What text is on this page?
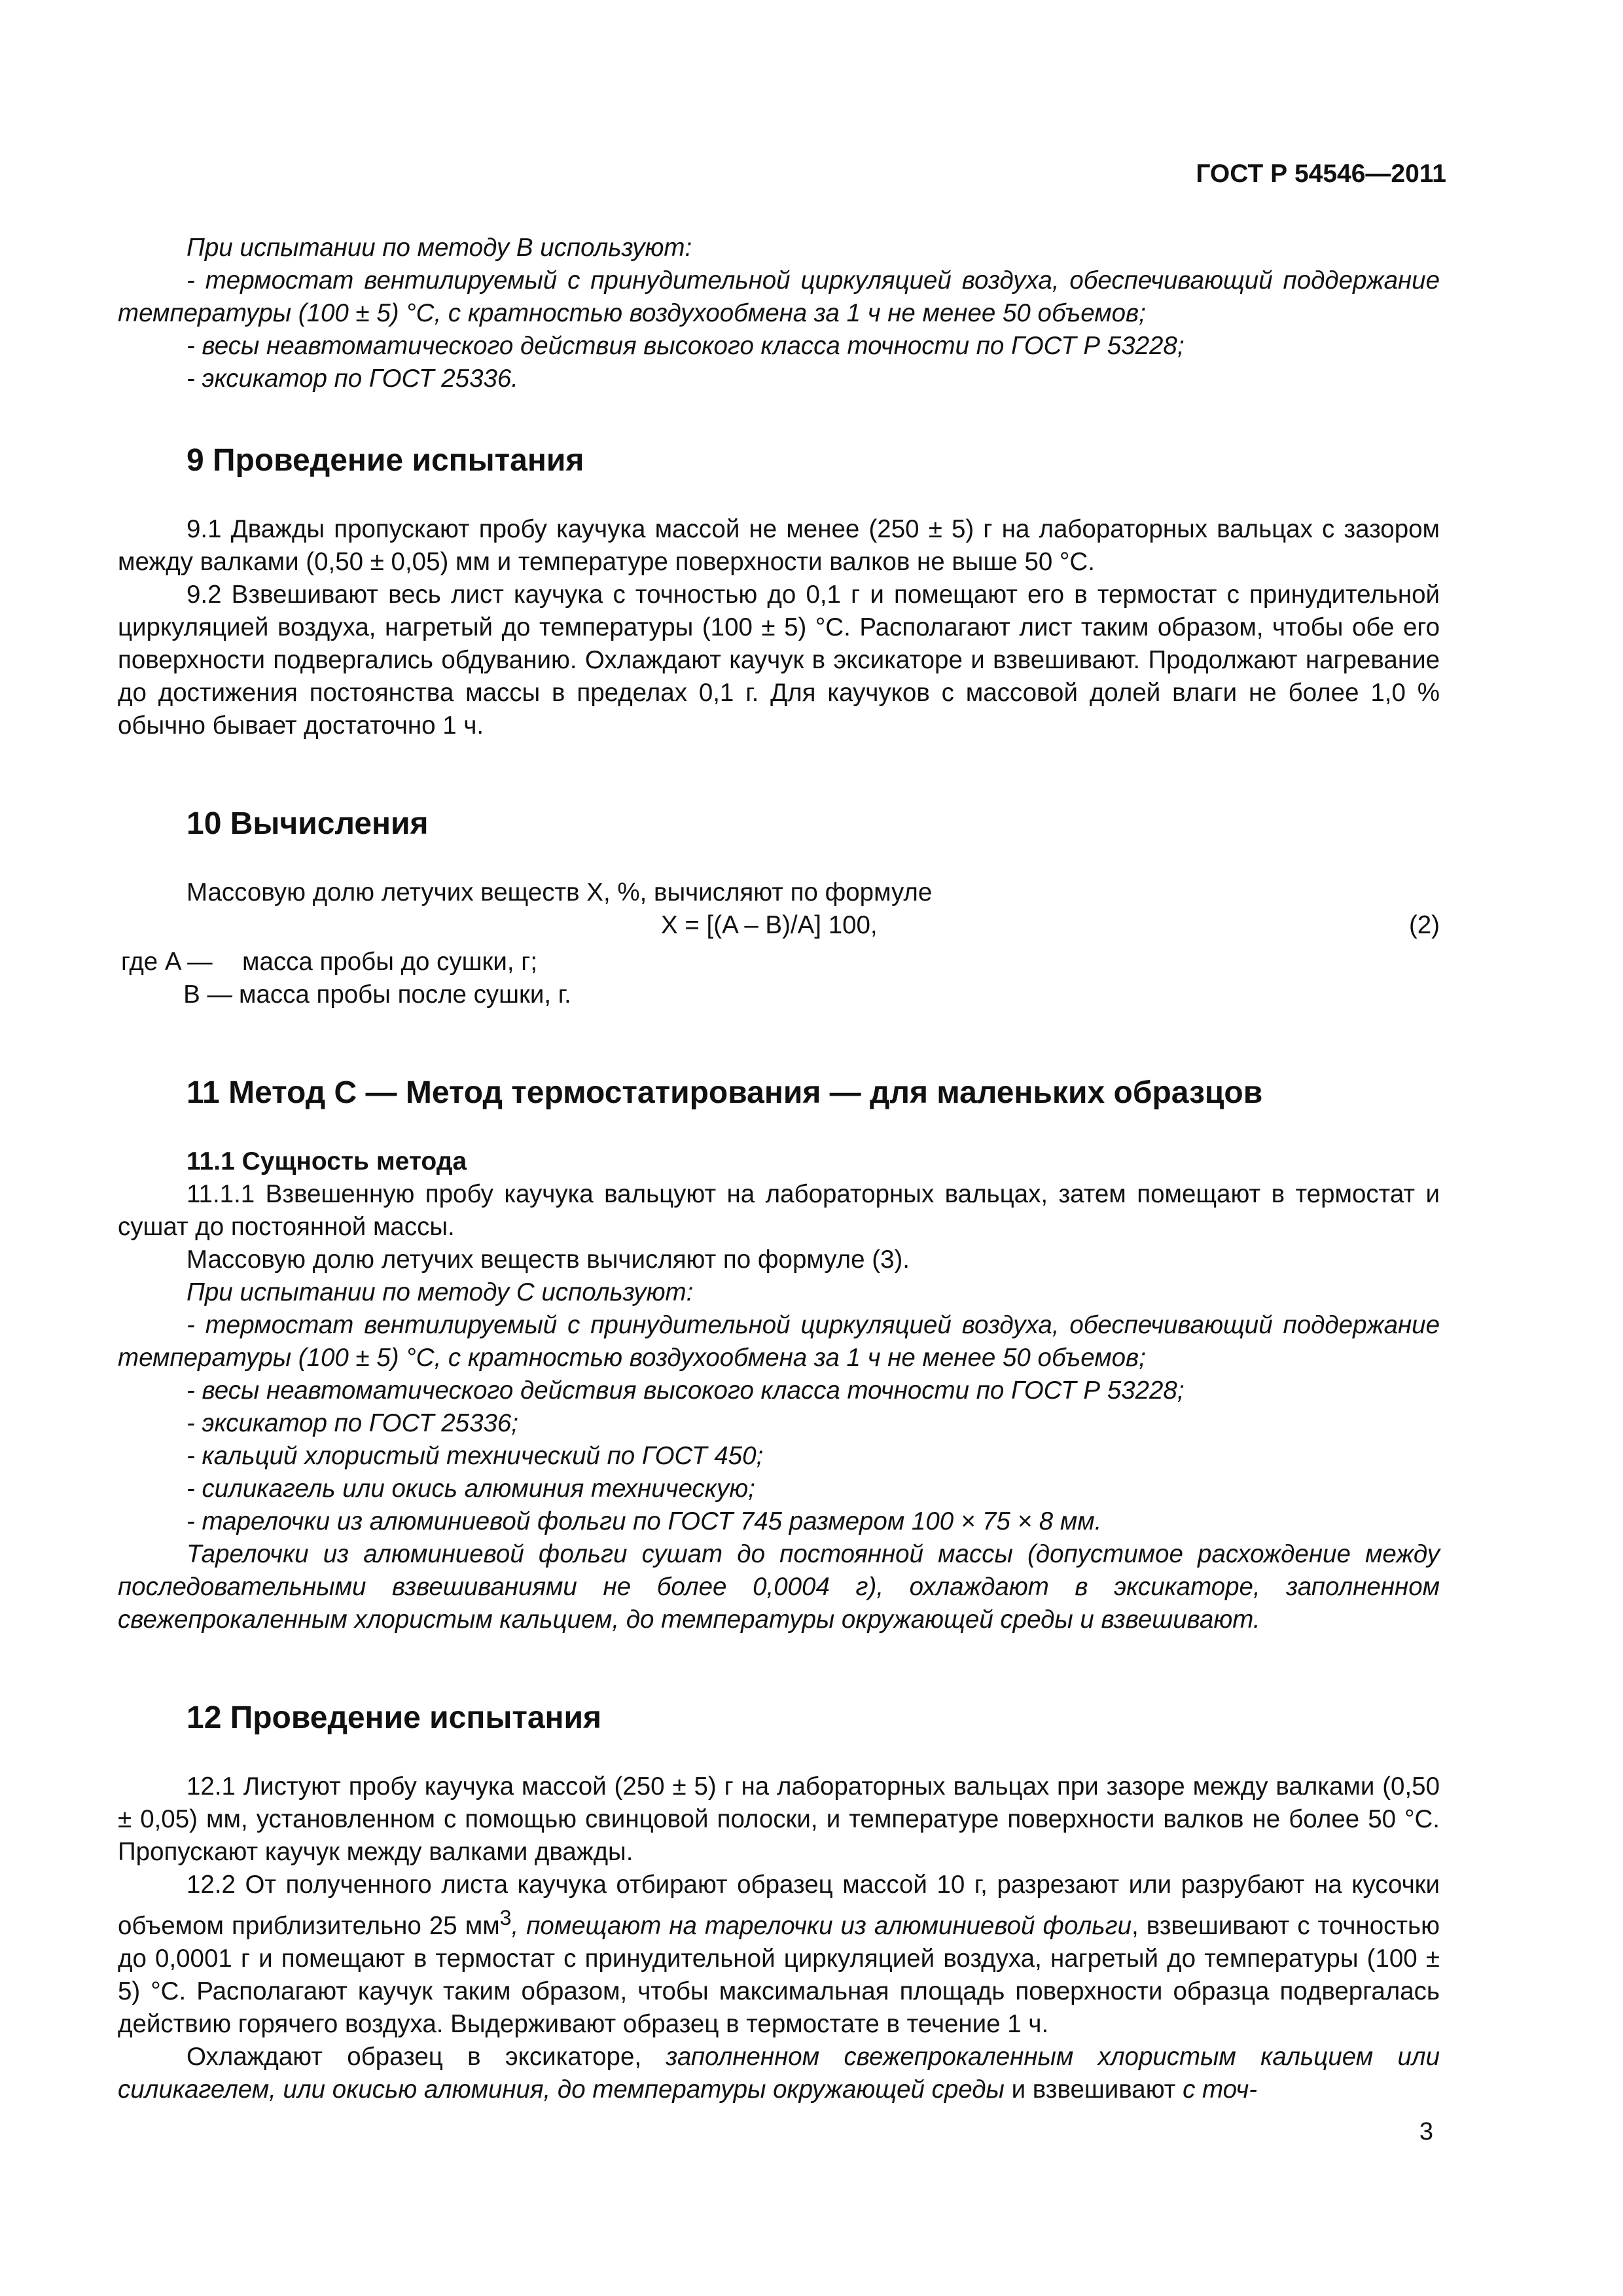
ГОСТ Р 54546—2011

При испытании по методу В используют:

- термостат вентилируемый с принудительной циркуляцией воздуха, обеспечивающий поддержание температуры (100 ± 5) °С, с кратностью воздухообмена за 1 ч не менее 50 объемов;

- весы неавтоматического действия высокого класса точности по ГОСТ Р 53228;

- эксикатор по ГОСТ 25336.

9 Проведение испытания

9.1 Дважды пропускают пробу каучука массой не менее (250 ± 5) г на лабораторных вальцах с зазором между валками (0,50 ± 0,05) мм и температуре поверхности валков не выше 50 °С.

9.2 Взвешивают весь лист каучука с точностью до 0,1 г и помещают его в термостат с принудительной циркуляцией воздуха, нагретый до температуры (100 ± 5) °С. Располагают лист таким образом, чтобы обе его поверхности подвергались обдуванию. Охлаждают каучук в эксикаторе и взвешивают. Продолжают нагревание до достижения постоянства массы в пределах 0,1 г. Для каучуков с массовой долей влаги не более 1,0 % обычно бывает достаточно 1 ч.

10 Вычисления

Массовую долю летучих веществ X, %, вычисляют по формуле

X = [(A – B)/A] 100,	(2)

где A — масса пробы до сушки, г;

B — масса пробы после сушки, г.

11 Метод С — Метод термостатирования — для маленьких образцов
11.1 Сущность метода

11.1.1 Взвешенную пробу каучука вальцуют на лабораторных вальцах, затем помещают в термостат и сушат до постоянной массы.

Массовую долю летучих веществ вычисляют по формуле (3).

При испытании по методу С используют:

- термостат вентилируемый с принудительной циркуляцией воздуха, обеспечивающий поддержание температуры (100 ± 5) °С, с кратностью воздухообмена за 1 ч не менее 50 объемов;

- весы неавтоматического действия высокого класса точности по ГОСТ Р 53228;

- эксикатор по ГОСТ 25336;

- кальций хлористый технический по ГОСТ 450;

- силикагель или окись алюминия техническую;

- тарелочки из алюминиевой фольги по ГОСТ 745 размером 100 × 75 × 8 мм.

Тарелочки из алюминиевой фольги сушат до постоянной массы (допустимое расхождение между последовательными взвешиваниями не более 0,0004 г), охлаждают в эксикаторе, заполненном свежепрокаленным хлористым кальцием, до температуры окружающей среды и взвешивают.

12 Проведение испытания

12.1 Листуют пробу каучука массой (250 ± 5) г на лабораторных вальцах при зазоре между валками (0,50 ± 0,05) мм, установленном с помощью свинцовой полоски, и температуре поверхности валков не более 50 °С. Пропускают каучук между валками дважды.

12.2 От полученного листа каучука отбирают образец массой 10 г, разрезают или разрубают на кусочки объемом приблизительно 25 $мм^3$, помещают на тарелочки из алюминиевой фольги, взвешивают с точностью до 0,0001 г и помещают в термостат с принудительной циркуляцией воздуха, нагретый до температуры (100 ± 5) °С. Располагают каучук таким образом, чтобы максимальная площадь поверхности образца подвергалась действию горячего воздуха. Выдерживают образец в термостате в течение 1 ч.

Охлаждают образец в эксикаторе, заполненном свежепрокаленным хлористым кальцием или силикагелем, или окисью алюминия, до температуры окружающей среды и взвешивают с точ-

3
